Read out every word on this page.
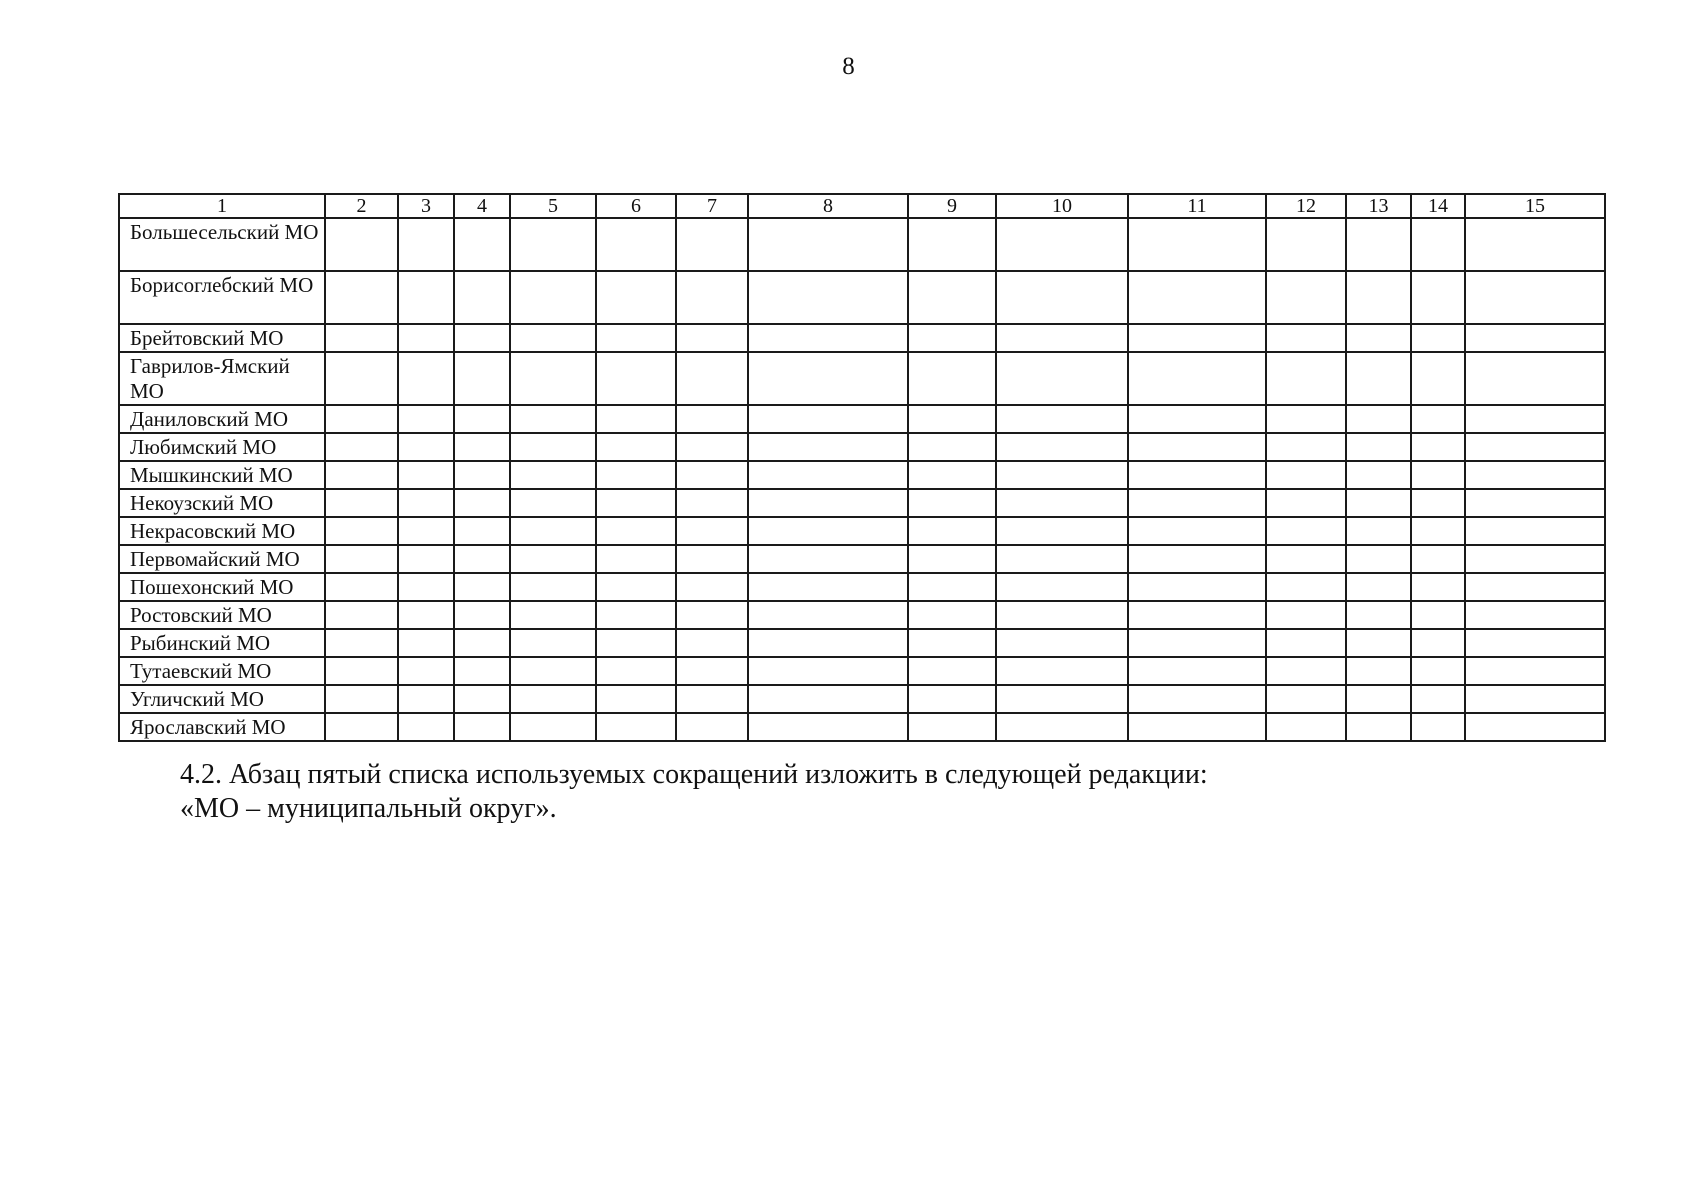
8
1	2	3	4	5	6	7	8	9	10	11	12	13	14	15
Большесельский МО														
Борисоглебский МО														
Брейтовский МО														
Гаврилов-Ямский МО														
Даниловский МО														
Любимский МО														
Мышкинский МО														
Некоузский МО														
Некрасовский МО														
Первомайский МО														
Пошехонский МО														
Ростовский МО														
Рыбинский МО														
Тутаевский МО														
Угличский МО														
Ярославский МО														

4.2. Абзац пятый списка используемых сокращений изложить в следующей редакции:

«МО – муниципальный округ».
